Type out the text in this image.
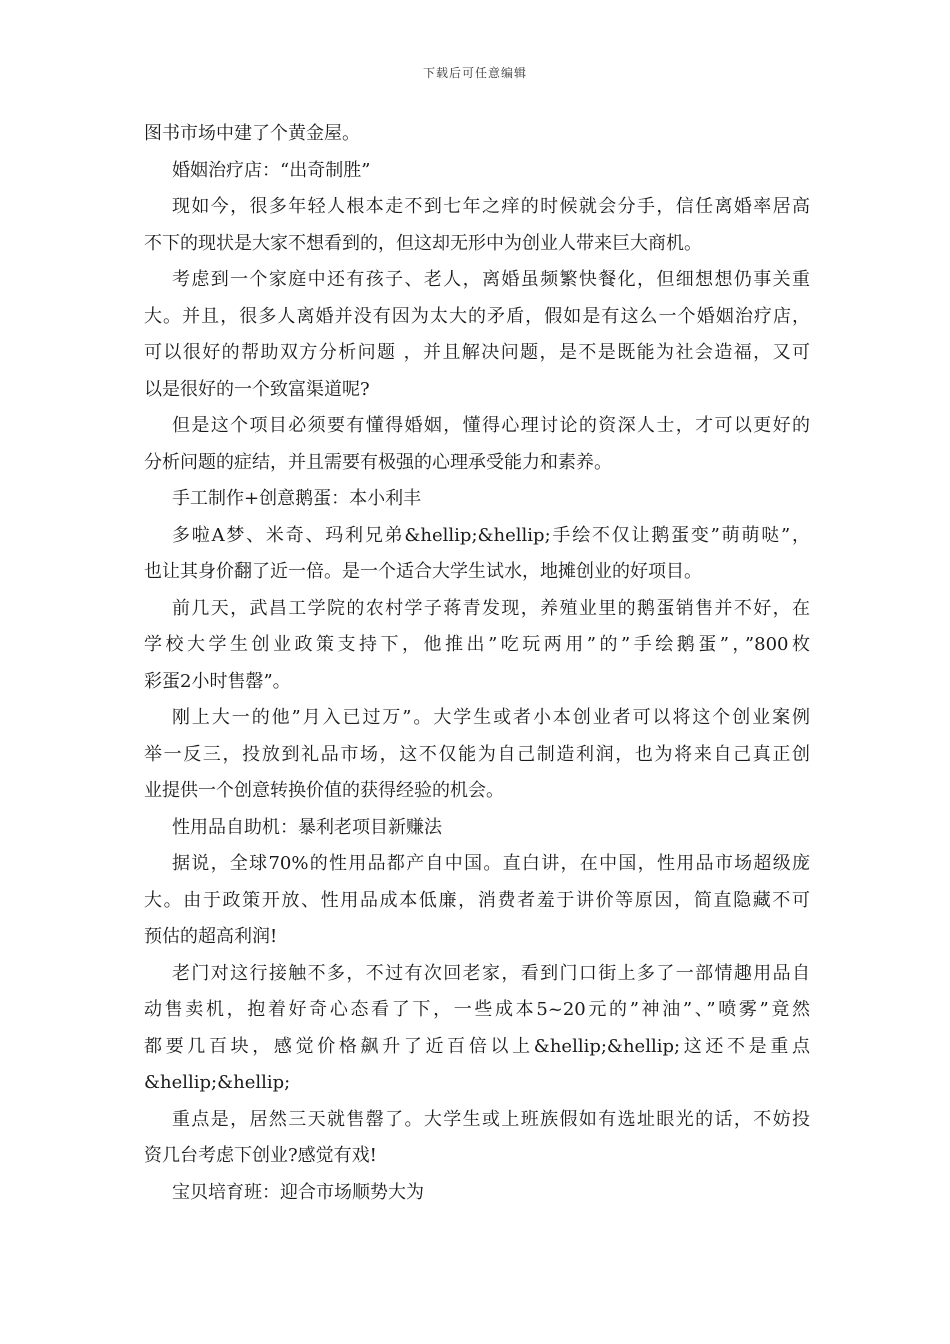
下载后可任意编辑
图书市场中建了个黄金屋。
婚姻治疗店：“出奇制胜”
现如今，很多年轻人根本走不到七年之痒的时候就会分手，信任离婚率居高
不下的现状是大家不想看到的，但这却无形中为创业人带来巨大商机。
考虑到一个家庭中还有孩子、老人，离婚虽频繁快餐化，但细想想仍事关重
大。并且，很多人离婚并没有因为太大的矛盾，假如是有这么一个婚姻治疗店，
可以很好的帮助双方分析问题 ，并且解决问题，是不是既能为社会造福，又可
以是很好的一个致富渠道呢?
但是这个项目必须要有懂得婚姻，懂得心理讨论的资深人士，才可以更好的
分析问题的症结，并且需要有极强的心理承受能力和素养。
手工制作+创意鹅蛋：本小利丰
多啦A梦、米奇、玛利兄弟&hellip;&hellip;手绘不仅让鹅蛋变”萌萌哒”，
也让其身价翻了近一倍。是一个适合大学生试水，地摊创业的好项目。
前几天，武昌工学院的农村学子蒋青发现，养殖业里的鹅蛋销售并不好，在
学校大学生创业政策支持下，他推出”吃玩两用”的”手绘鹅蛋”，”800枚
彩蛋2小时售罄”。
刚上大一的他”月入已过万”。大学生或者小本创业者可以将这个创业案例
举一反三，投放到礼品市场，这不仅能为自己制造利润，也为将来自己真正创
业提供一个创意转换价值的获得经验的机会。
性用品自助机：暴利老项目新赚法
据说，全球70%的性用品都产自中国。直白讲，在中国，性用品市场超级庞
大。由于政策开放、性用品成本低廉，消费者羞于讲价等原因，简直隐藏不可
预估的超高利润!
老门对这行接触不多，不过有次回老家，看到门口街上多了一部情趣用品自
动售卖机，抱着好奇心态看了下，一些成本5~20元的”神油”、”喷雾”竟然
都要几百块，感觉价格飙升了近百倍以上&hellip;&hellip;这还不是重点
&hellip;&hellip;
重点是，居然三天就售罄了。大学生或上班族假如有选址眼光的话，不妨投
资几台考虑下创业?感觉有戏!
宝贝培育班：迎合市场顺势大为
